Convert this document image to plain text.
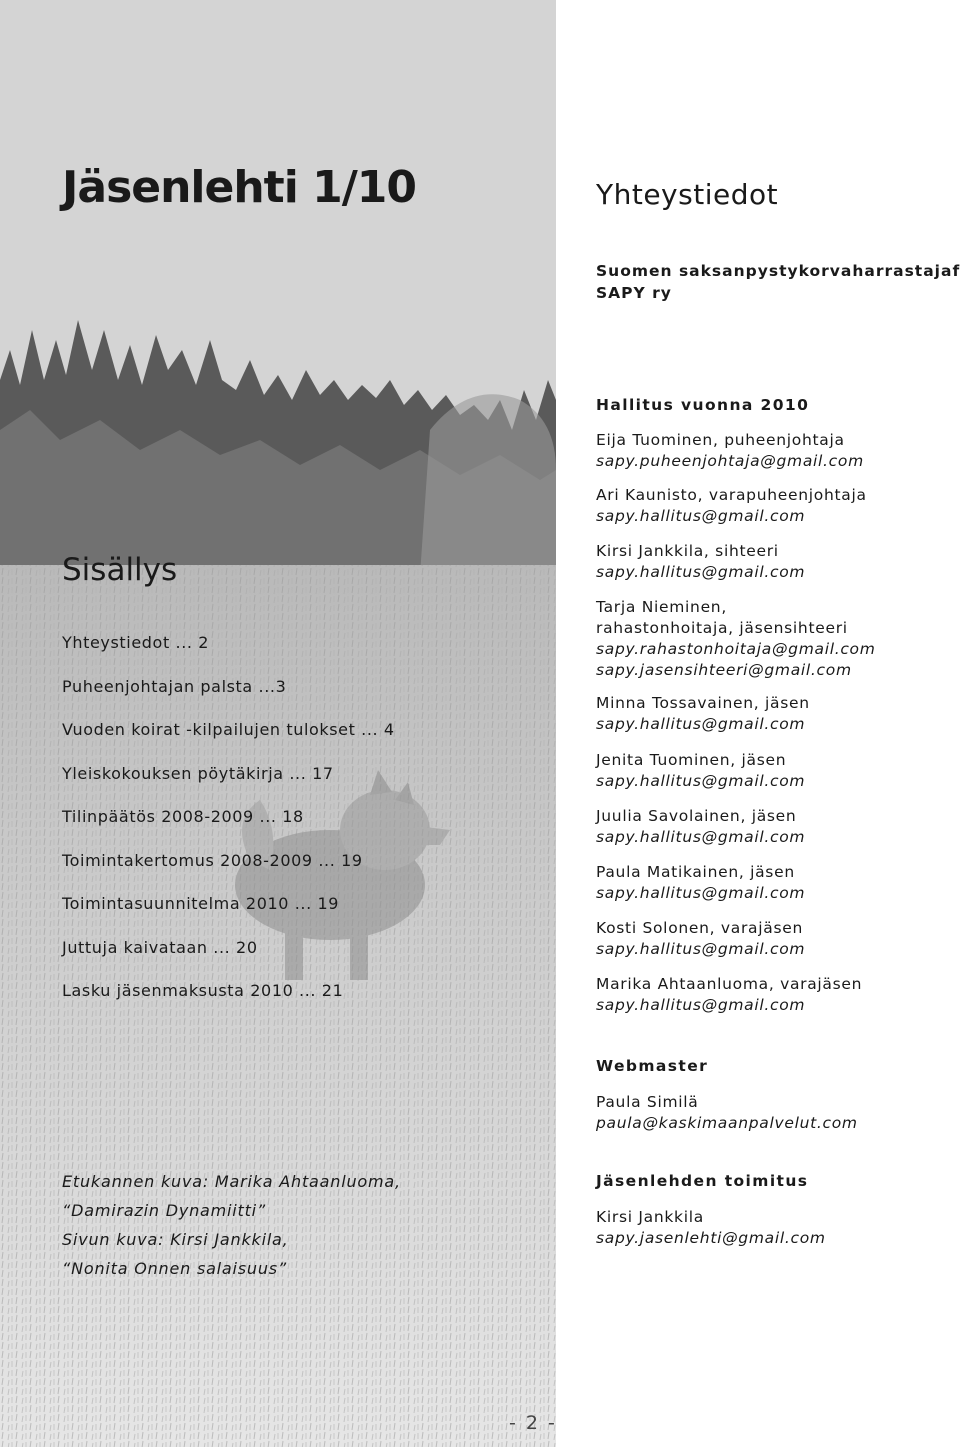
Jäsenlehti 1/10
Sisällys
Yhteystiedot ... 2
Puheenjohtajan palsta ...3
Vuoden koirat -kilpailujen tulokset ... 4
Yleiskokouksen pöytäkirja ... 17
Tilinpäätös 2008-2009 ... 18
Toimintakertomus 2008-2009 ... 19
Toimintasuunnitelma 2010 ... 19
Juttuja kaivataan ... 20
Lasku jäsenmaksusta 2010 ... 21

Etukannen kuva: Marika Ahtaanluoma,

“Damirazin Dynamiitti”

Sivun kuva: Kirsi Jankkila,

“Nonita Onnen salaisuus”

- 2 -
Yhteystiedot
Suomen saksanpystykorvaharrastajaf
SAPY ry
Hallitus vuonna 2010
Eija Tuominen, puheenjohtaja
sapy.puheenjohtaja@gmail.com
Ari Kaunisto, varapuheenjohtaja
sapy.hallitus@gmail.com
Kirsi Jankkila, sihteeri
sapy.hallitus@gmail.com
Tarja Nieminen,
rahastonhoitaja, jäsensihteeri
sapy.rahastonhoitaja@gmail.com
sapy.jasensihteeri@gmail.com
Minna Tossavainen, jäsen
sapy.hallitus@gmail.com
Jenita Tuominen, jäsen
sapy.hallitus@gmail.com
Juulia Savolainen, jäsen
sapy.hallitus@gmail.com
Paula Matikainen, jäsen
sapy.hallitus@gmail.com
Kosti Solonen, varajäsen
sapy.hallitus@gmail.com
Marika Ahtaanluoma, varajäsen
sapy.hallitus@gmail.com
Webmaster
Paula Similä
paula@kaskimaanpalvelut.com
Jäsenlehden toimitus
Kirsi Jankkila
sapy.jasenlehti@gmail.com
